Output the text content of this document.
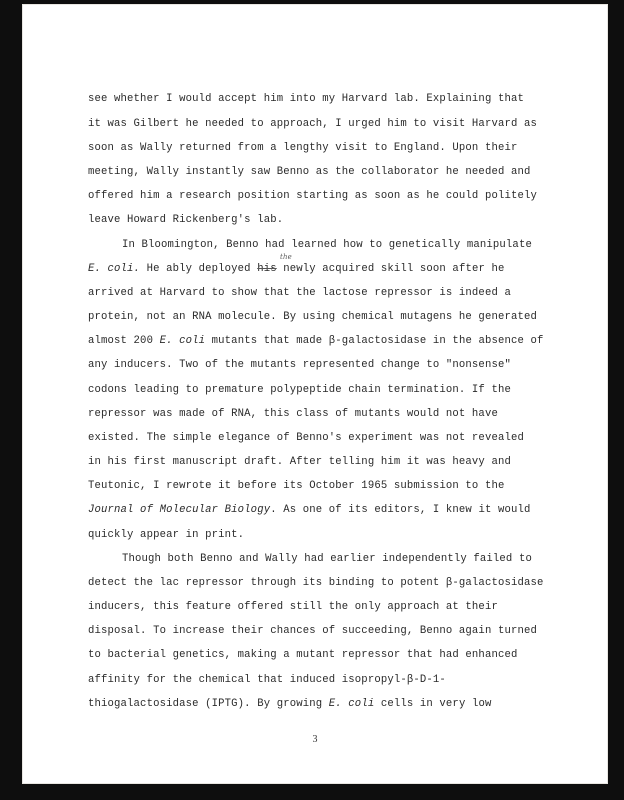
see whether I would accept him into my Harvard lab. Explaining that
it was Gilbert he needed to approach, I urged him to visit Harvard as
soon as Wally returned from a lengthy visit to England. Upon their
meeting, Wally instantly saw Benno as the collaborator he needed and
offered him a research position starting as soon as he could politely
leave Howard Rickenberg's lab.
In Bloomington, Benno had learned how to genetically manipulate
E. coli. He ably deployed his newly acquired skill soon after he
arrived at Harvard to show that the lactose repressor is indeed a
protein, not an RNA molecule. By using chemical mutagens he generated
almost 200 E. coli mutants that made β-galactosidase in the absence of
any inducers. Two of the mutants represented change to "nonsense"
codons leading to premature polypeptide chain termination. If the
repressor was made of RNA, this class of mutants would not have
existed. The simple elegance of Benno's experiment was not revealed
in his first manuscript draft. After telling him it was heavy and
Teutonic, I rewrote it before its October 1965 submission to the
Journal of Molecular Biology. As one of its editors, I knew it would
quickly appear in print.
Though both Benno and Wally had earlier independently failed to
detect the lac repressor through its binding to potent β-galactosidase
inducers, this feature offered still the only approach at their
disposal. To increase their chances of succeeding, Benno again turned
to bacterial genetics, making a mutant repressor that had enhanced
affinity for the chemical that induced isopropyl-β-D-1-
thiogalactosidase (IPTG). By growing E. coli cells in very low
the
3
